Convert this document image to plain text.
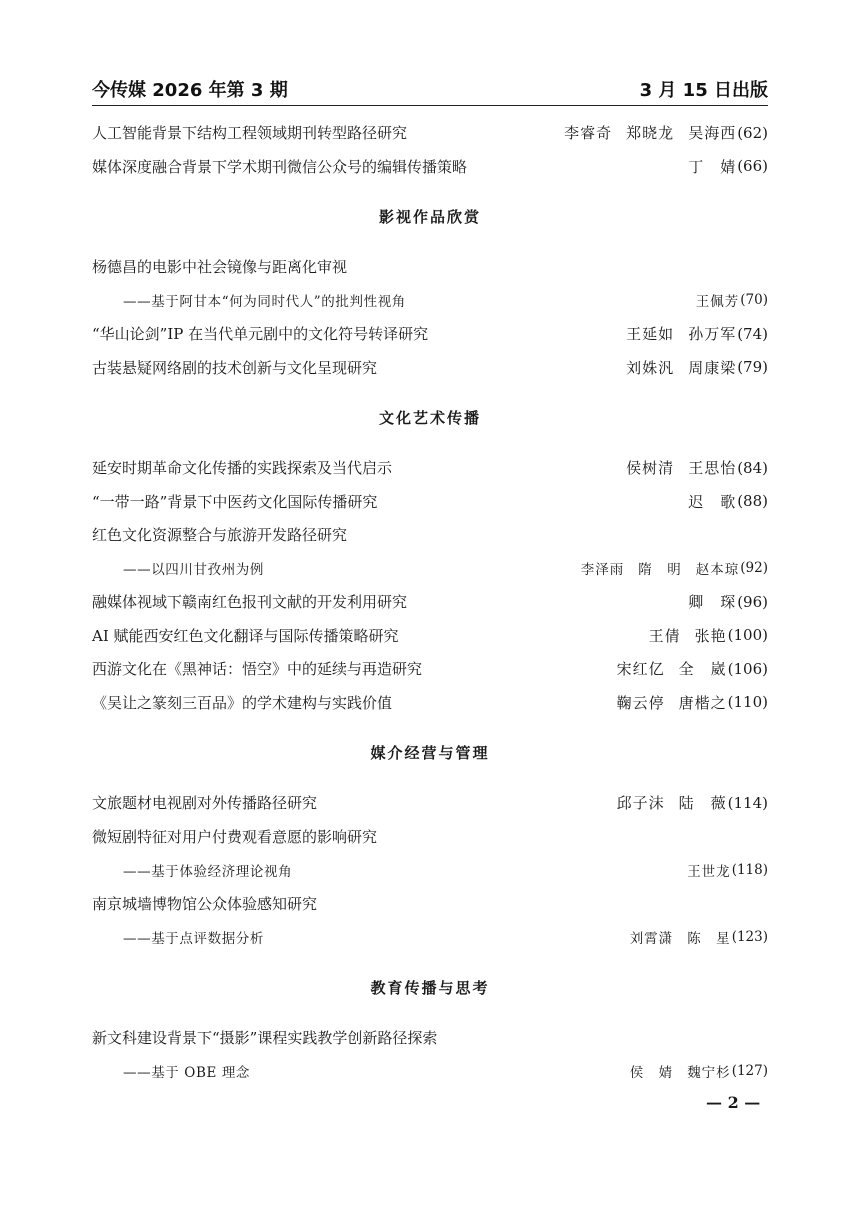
今传媒 2026 年第 3 期	3 月 15 日出版
人工智能背景下结构工程领域期刊转型路径研究	李睿奇 郑晓龙 吴海西 (62)
媒体深度融合背景下学术期刊微信公众号的编辑传播策略	丁　婧 (66)
影视作品欣赏
杨德昌的电影中社会镜像与距离化审视
——基于阿甘本“何为同时代人”的批判性视角	王佩芳 (70)
“华山论剑”IP 在当代单元剧中的文化符号转译研究	王延如 孙万军 (74)
古装悬疑网络剧的技术创新与文化呈现研究	刘姝汎 周康梁 (79)
文化艺术传播
延安时期革命文化传播的实践探索及当代启示	侯树清 王思怡 (84)
“一带一路”背景下中医药文化国际传播研究	迟　歌 (88)
红色文化资源整合与旅游开发路径研究
——以四川甘孜州为例	李泽雨 隋　明 赵本琼 (92)
融媒体视域下赣南红色报刊文献的开发利用研究	卿　琛 (96)
AI 赋能西安红色文化翻译与国际传播策略研究	王倩 张艳 (100)
西游文化在《黑神话：悟空》中的延续与再造研究	宋红亿 全　崴 (106)
《吴让之篆刻三百品》的学术建构与实践价值	鞠云停 唐楷之 (110)
媒介经营与管理
文旅题材电视剧对外传播路径研究	邱子沫 陆　薇 (114)
微短剧特征对用户付费观看意愿的影响研究
——基于体验经济理论视角	王世龙 (118)
南京城墙博物馆公众体验感知研究
——基于点评数据分析	刘霄潇 陈　星 (123)
教育传播与思考
新文科建设背景下“摄影”课程实践教学创新路径探索
——基于 OBE 理念	侯　婧 魏宁杉 (127)
— 2 —
